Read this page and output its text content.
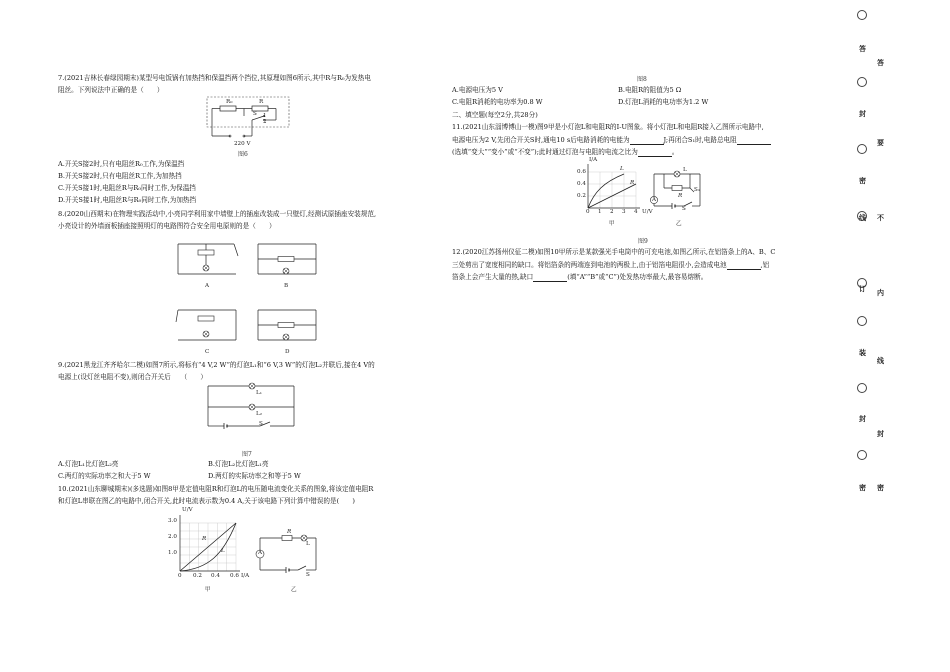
7.(2021吉林长春绿园期末)某型号电饭锅有加热挡和保温挡两个挡位,其原理如图6所示,其中R与R₀为发热电
阻丝。下列说法中正确的是（　　）
R₀	R
S 1
2
220 V
图6
A.开关S接2时,只有电阻丝R₀工作,为保温挡
B.开关S接2时,只有电阻丝R工作,为加热挡
C.开关S接1时,电阻丝R与R₀同时工作,为保温挡
D.开关S接1时,电阻丝R与R₀同时工作,为加热挡
8.(2020山西期末)在物理实践活动中,小亮同学利用家中墙壁上的插座改装成一只壁灯,经测试原插座安装规范,
小亮设计的外墙面板插座接照明灯的电路图符合安全用电原则的是（　　）
A	B
C	D
9.(2021黑龙江齐齐哈尔二模)如图7所示,将标有“4 V,2 W”的灯泡L₁和“6 V,3 W”的灯泡L₂并联后,接在4 V的
电源上(设灯丝电阻不变),则闭合开关后　　（　　）
L₁
L₂
S
图7
A.灯泡L₁比灯泡L₂亮	B.灯泡L₂比灯泡L₁亮
C.两灯的实际功率之和大于5 W	D.两灯的实际功率之和等于5 W
10.(2021山东聊城期末)(多选题)如图8甲是定值电阻R和灯泡L的电压随电流变化关系的图象,将该定值电阻R
和灯泡L串联在图乙的电路中,闭合开关,此时电流表示数为0.4 A,关于该电路下列计算中错误的是(　　)
U/V
3.0
2.0
1.0
0 0.2 0.4 0.6 I/A
R
L
甲
R
L
A
S
乙
图8
A.电源电压为5 V	B.电阻R的阻值为5 Ω
C.电阻R消耗的电功率为0.8 W	D.灯泡L消耗的电功率为1.2 W
二、填空题(每空2分,共28分)
11.(2021山东淄博博山一模)图9甲是小灯泡L和电阻R的I-U图象。将小灯泡L和电阻R接入乙图所示电路中,
电源电压为2 V,先闭合开关S时,通电10 s后电路消耗的电能为	J;再闭合S₁时,电路总电阻
(选填“变大”“变小”或“不变”);此时通过灯泡与电阻的电流之比为	。
I/A
0.6
0.4
0.2
0 1 2 3 4 U/V
L
R
甲
L
R
A
S
S₁
乙
图9
12.(2020江苏扬州仪征二模)如图10甲所示是某款强光手电筒中的可充电池,如图乙所示,在铝箔条上的A、B、C
三处剪出了宽度相同的缺口。将铝箔条的两端连到电池的两极上,由于铝箔电阻很小,会造成电池	,铝
箔条上会产生大量的热,缺口	(填“A”“B”或“C”)处发热功率最大,最容易熔断。
答
要
不
内
线
封
密
答
封
密
线
订
装
封
密
